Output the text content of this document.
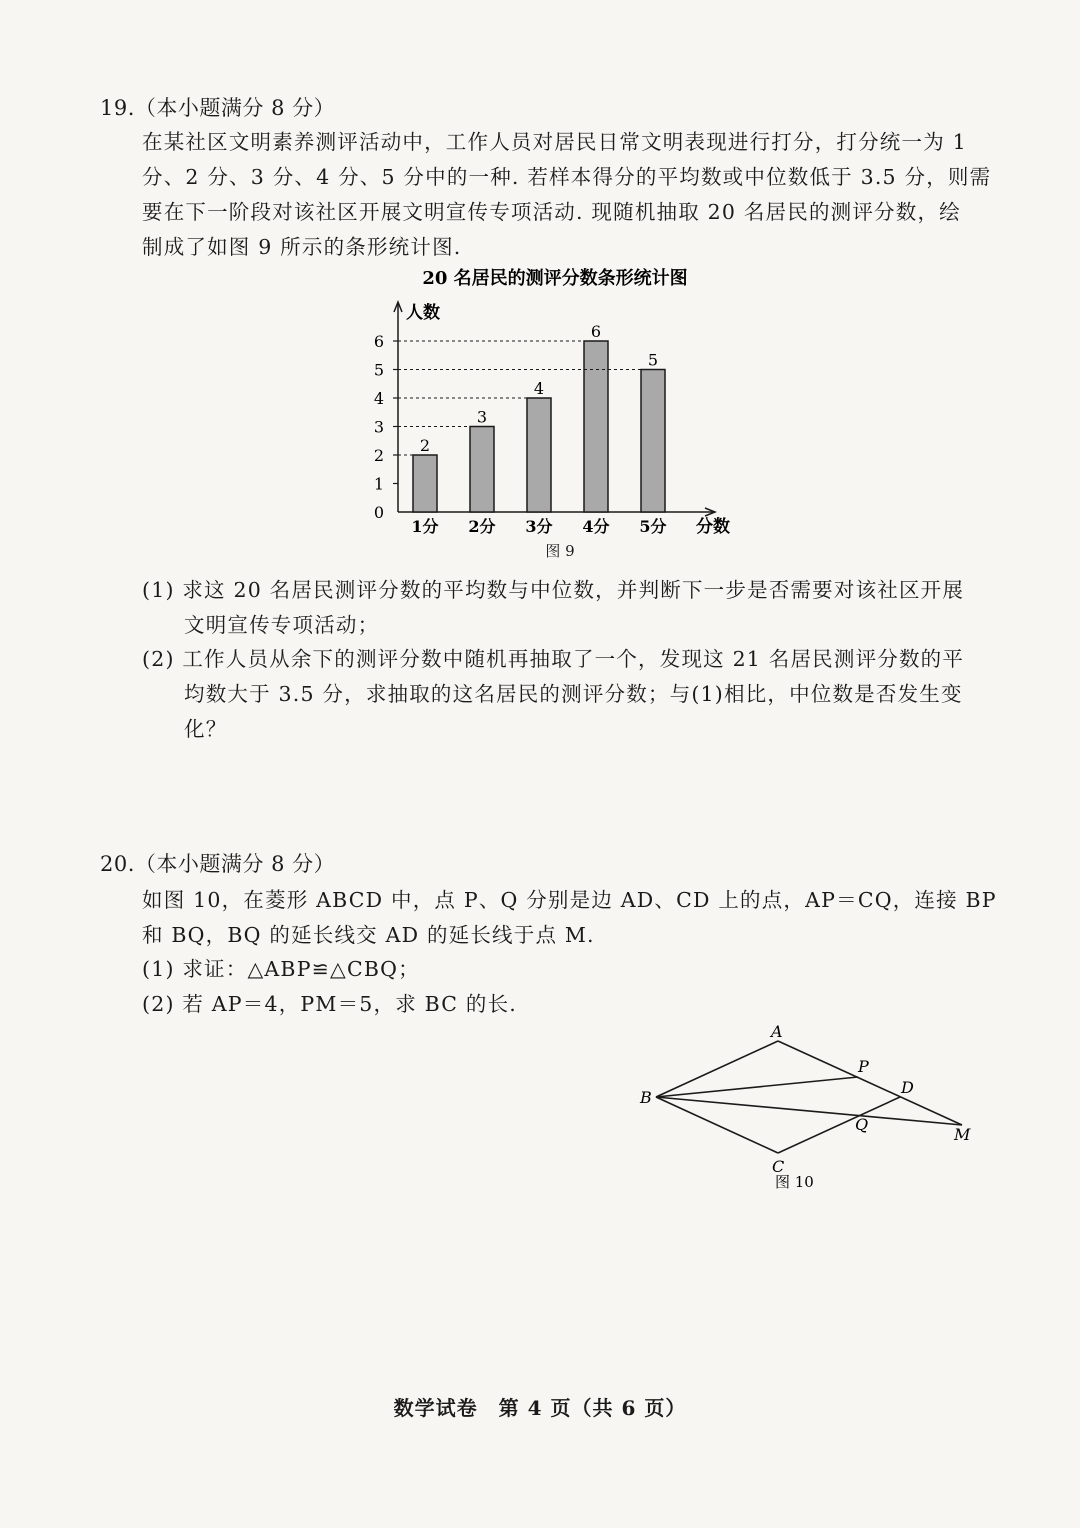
19.（本小题满分 8 分）
在某社区文明素养测评活动中，工作人员对居民日常文明表现进行打分，打分统一为 1
分、2 分、3 分、4 分、5 分中的一种. 若样本得分的平均数或中位数低于 3.5 分，则需
要在下一阶段对该社区开展文明宣传专项活动. 现随机抽取 20 名居民的测评分数，绘
制成了如图 9 所示的条形统计图.
20 名居民的测评分数条形统计图
人数
分数
0
1
2
3
4
5
6
2
1分
3
2分
4
3分
6
4分
5
5分
图 9
(1) 求这 20 名居民测评分数的平均数与中位数，并判断下一步是否需要对该社区开展
文明宣传专项活动；
(2) 工作人员从余下的测评分数中随机再抽取了一个，发现这 21 名居民测评分数的平
均数大于 3.5 分，求抽取的这名居民的测评分数；与(1)相比，中位数是否发生变
化？
20.（本小题满分 8 分）
如图 10，在菱形 ABCD 中，点 P、Q 分别是边 AD、CD 上的点，AP＝CQ，连接 BP
和 BQ，BQ 的延长线交 AD 的延长线于点 M.
(1) 求证：△ABP≌△CBQ；
(2) 若 AP＝4，PM＝5，求 BC 的长.
A
B
C
D
P
Q
M
图 10
数学试卷　第 4 页（共 6 页）
